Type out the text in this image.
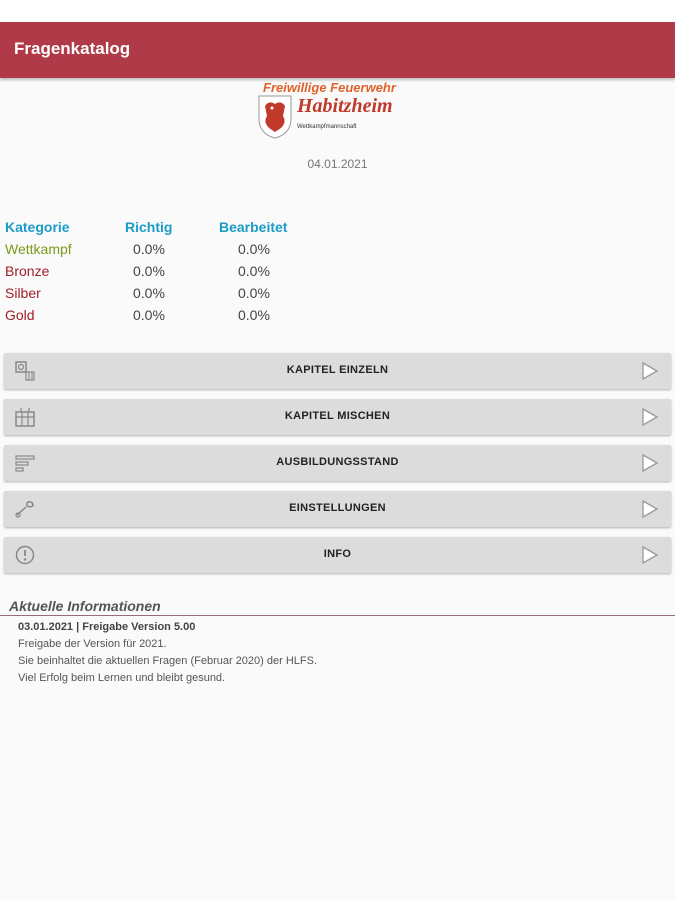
Fragenkatalog
Freiwillige Feuerwehr
Habitzheim
Wettkampfmannschaft
04.01.2021
Kategorie	Richtig	Bearbeitet
Wettkampf	0.0%	0.0%
Bronze	0.0%	0.0%
Silber	0.0%	0.0%
Gold	0.0%	0.0%
KAPITEL EINZELN
KAPITEL MISCHEN
AUSBILDUNGSSTAND
EINSTELLUNGEN
INFO
Aktuelle Informationen
03.01.2021 | Freigabe Version 5.00
Freigabe der Version für 2021.
Sie beinhaltet die aktuellen Fragen (Februar 2020) der HLFS.
Viel Erfolg beim Lernen und bleibt gesund.
